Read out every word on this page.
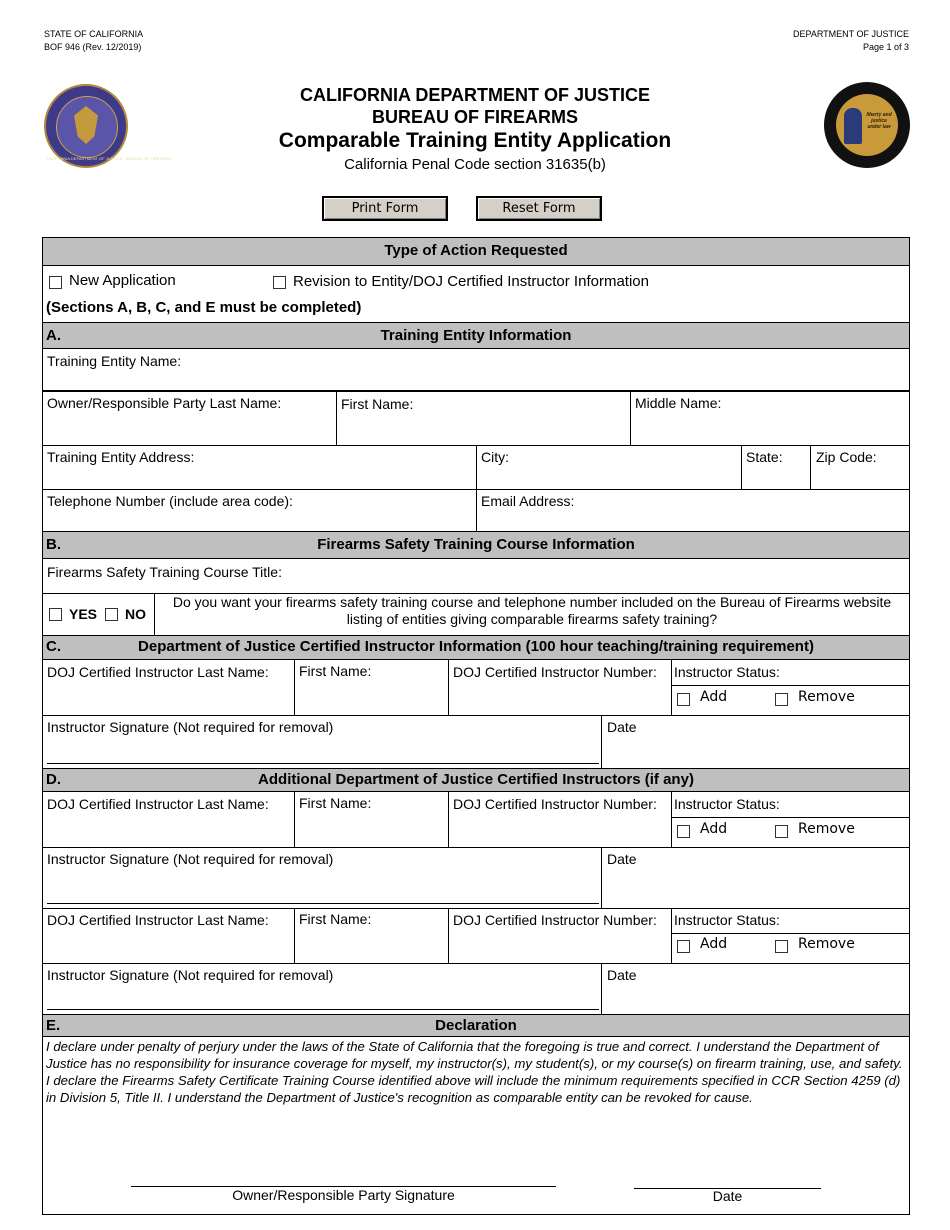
STATE OF CALIFORNIA
BOF 946 (Rev. 12/2019)
DEPARTMENT OF JUSTICE
Page 1 of 3
CALIFORNIA DEPARTMENT OF JUSTICE · BUREAU OF FIREARMS
liberty and justice under law
CALIFORNIA DEPARTMENT OF JUSTICE
BUREAU OF FIREARMS
Comparable Training Entity Application
California Penal Code section 31635(b)
Print Form	Reset Form
Type of Action Requested
New Application	Revision to Entity/DOJ Certified Instructor Information
(Sections A, B, C, and E must be completed)
A.	Training Entity Information
Training Entity Name:
Owner/Responsible Party Last Name:	First Name:	Middle Name:
Training Entity Address:	City:	State: Zip Code:
Telephone Number (include area code):	Email Address:
B.	Firearms Safety Training Course Information
Firearms Safety Training Course Title:
YES NO
Do you want your firearms safety training course and telephone number included on the Bureau of Firearms website
listing of entities giving comparable firearms safety training?
C.	Department of Justice Certified Instructor Information (100 hour teaching/training requirement)
DOJ Certified Instructor Last Name: First Name:	DOJ Certified Instructor Number: Instructor Status:
Add	Remove
Instructor Signature (Not required for removal)	Date
D.	Additional Department of Justice Certified Instructors (if any)
DOJ Certified Instructor Last Name: First Name:	DOJ Certified Instructor Number: Instructor Status:
Add	Remove
Instructor Signature (Not required for removal)	Date
DOJ Certified Instructor Last Name: First Name:	DOJ Certified Instructor Number: Instructor Status:
Add	Remove
Instructor Signature (Not required for removal)	Date
E.	Declaration
I declare under penalty of perjury under the laws of the State of California that the foregoing is true and correct. I understand the Department of Justice has no responsibility for insurance coverage for myself, my instructor(s), my student(s), or my course(s) on firearm training, use, and safety. I declare the Firearms Safety Certificate Training Course identified above will include the minimum requirements specified in CCR Section 4259 (d) in Division 5, Title II. I understand the Department of Justice's recognition as comparable entity can be revoked for cause.
Owner/Responsible Party Signature	Date
